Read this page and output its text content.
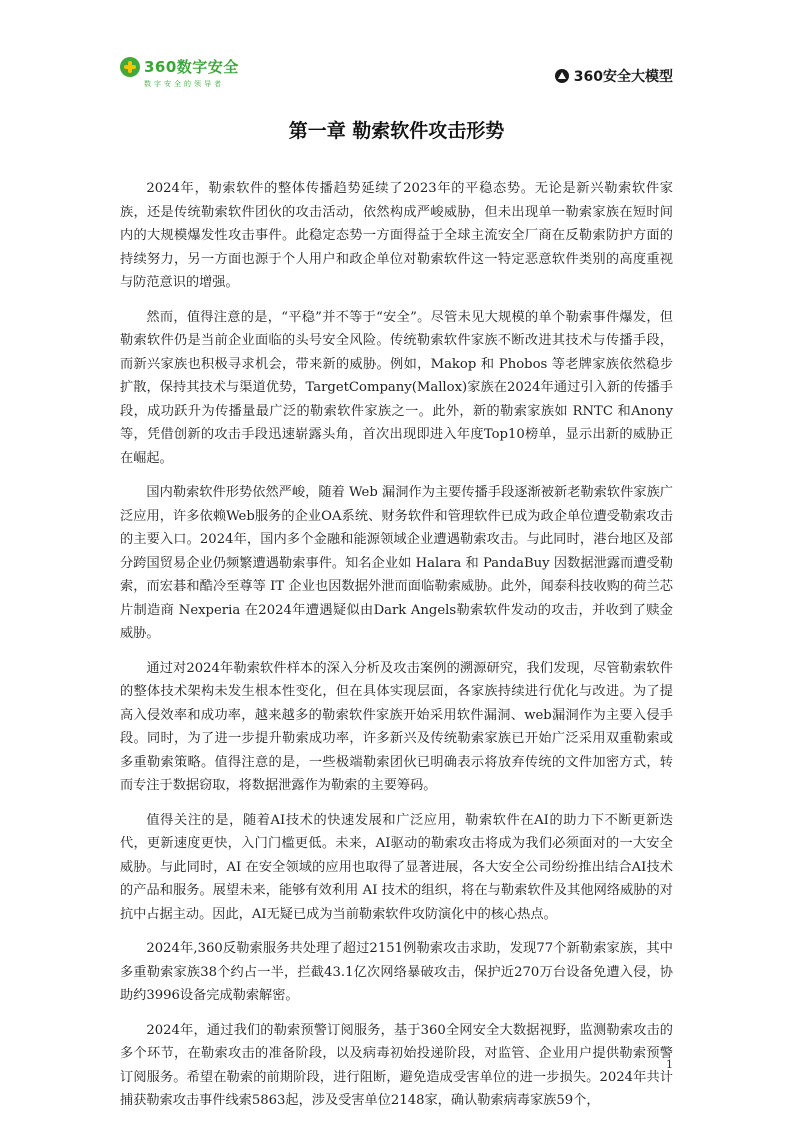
360数字安全
数字安全的领导者	360安全大模型
第一章 勒索软件攻击形势

2024年，勒索软件的整体传播趋势延续了2023年的平稳态势。无论是新兴勒索软件家族，还是传统勒索软件团伙的攻击活动，依然构成严峻威胁，但未出现单一勒索家族在短时间内的大规模爆发性攻击事件。此稳定态势一方面得益于全球主流安全厂商在反勒索防护方面的持续努力，另一方面也源于个人用户和政企单位对勒索软件这一特定恶意软件类别的高度重视与防范意识的增强。

然而，值得注意的是，“平稳”并不等于“安全”。尽管未见大规模的单个勒索事件爆发，但勒索软件仍是当前企业面临的头号安全风险。传统勒索软件家族不断改进其技术与传播手段，而新兴家族也积极寻求机会，带来新的威胁。例如，Makop 和 Phobos 等老牌家族依然稳步扩散，保持其技术与渠道优势，TargetCompany(Mallox)家族在2024年通过引入新的传播手段，成功跃升为传播量最广泛的勒索软件家族之一。此外，新的勒索家族如 RNTC 和Anony等，凭借创新的攻击手段迅速崭露头角，首次出现即进入年度Top10榜单，显示出新的威胁正在崛起。

国内勒索软件形势依然严峻，随着 Web 漏洞作为主要传播手段逐渐被新老勒索软件家族广泛应用，许多依赖Web服务的企业OA系统、财务软件和管理软件已成为政企单位遭受勒索攻击的主要入口。2024年，国内多个金融和能源领域企业遭遇勒索攻击。与此同时，港台地区及部分跨国贸易企业仍频繁遭遇勒索事件。知名企业如 Halara 和 PandaBuy 因数据泄露而遭受勒索，而宏碁和酷冷至尊等 IT 企业也因数据外泄而面临勒索威胁。此外，闻泰科技收购的荷兰芯片制造商 Nexperia 在2024年遭遇疑似由Dark Angels勒索软件发动的攻击，并收到了赎金威胁。

通过对2024年勒索软件样本的深入分析及攻击案例的溯源研究，我们发现，尽管勒索软件的整体技术架构未发生根本性变化，但在具体实现层面，各家族持续进行优化与改进。为了提高入侵效率和成功率，越来越多的勒索软件家族开始采用软件漏洞、web漏洞作为主要入侵手段。同时，为了进一步提升勒索成功率，许多新兴及传统勒索家族已开始广泛采用双重勒索或多重勒索策略。值得注意的是，一些极端勒索团伙已明确表示将放弃传统的文件加密方式，转而专注于数据窃取，将数据泄露作为勒索的主要筹码。

值得关注的是，随着AI技术的快速发展和广泛应用，勒索软件在AI的助力下不断更新迭代，更新速度更快，入门门槛更低。未来，AI驱动的勒索攻击将成为我们必须面对的一大安全威胁。与此同时，AI 在安全领域的应用也取得了显著进展，各大安全公司纷纷推出结合AI技术的产品和服务。展望未来，能够有效利用 AI 技术的组织，将在与勒索软件及其他网络威胁的对抗中占据主动。因此，AI无疑已成为当前勒索软件攻防演化中的核心热点。

2024年,360反勒索服务共处理了超过2151例勒索攻击求助，发现77个新勒索家族，其中多重勒索家族38个约占一半，拦截43.1亿次网络暴破攻击，保护近270万台设备免遭入侵，协助约3996设备完成勒索解密。

2024年，通过我们的勒索预警订阅服务，基于360全网安全大数据视野，监测勒索攻击的多个环节，在勒索攻击的准备阶段，以及病毒初始投递阶段，对监管、企业用户提供勒索预警订阅服务。希望在勒索的前期阶段，进行阻断，避免造成受害单位的进一步损失。2024年共计捕获勒索攻击事件线索5863起，涉及受害单位2148家，确认勒索病毒家族59个，

1
